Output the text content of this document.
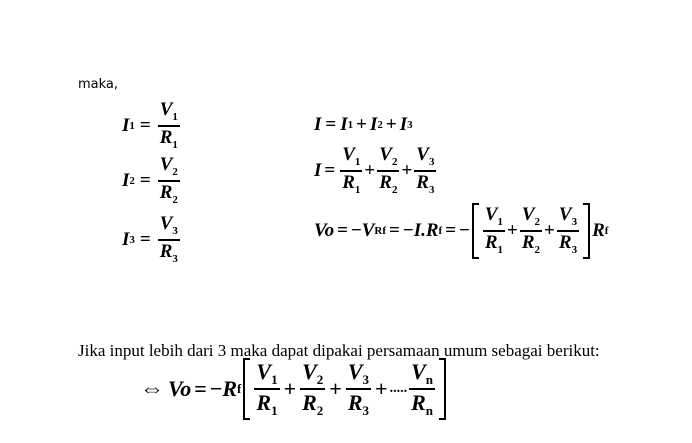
maka,
I $1 = \frac{V_1}{R_1}$
I $2 = \frac{V_2}{R_2}$
I $3 = \frac{V_3}{R_3}$
I = I 1 + I 2 + I 3
$I = \frac{V_1}{R_1} + \frac{V_2}{R_2} + \frac{V_3}{R_3}$
Vo = − V Rf = − I.R f = − $\frac{V_1}{R_1} + \frac{V_2}{R_2} + \frac{V_3}{R_3}$ R f
Jika input lebih dari 3 maka dapat dipakai persamaan umum sebagai berikut:
⇔ Vo = − R f $\frac{V_1}{R_1} + \frac{V_2}{R_2} + \frac{V_3}{R_3}$ + ..... $\frac{V_n}{R_n}$
